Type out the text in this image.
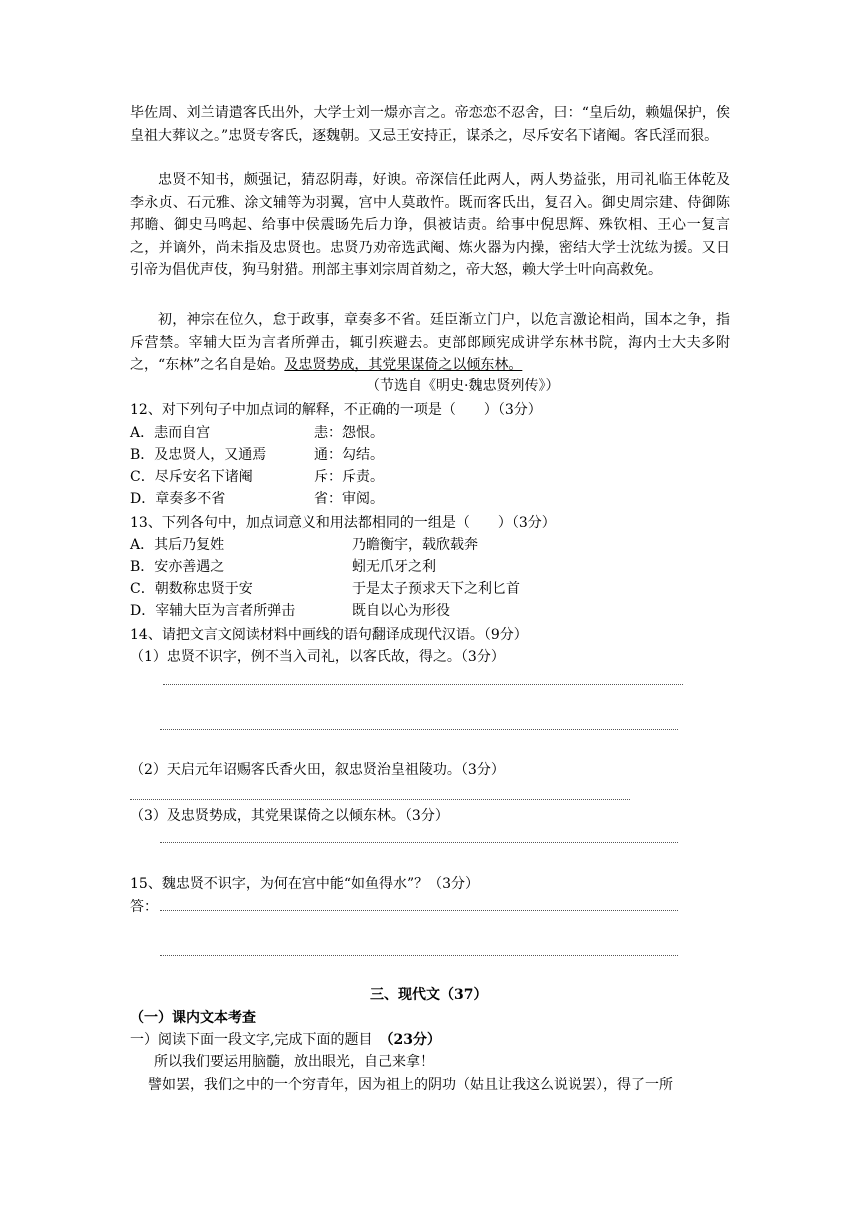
毕佐周、刘兰请遣客氏出外，大学士刘一燝亦言之。帝恋恋不忍舍，曰：“皇后幼，赖媪保护，俟皇祖大葬议之。”忠贤专客氏，逐魏朝。又忌王安持正，谋杀之，尽斥安名下诸阉。客氏淫而狠。
忠贤不知书，颇强记，猜忍阴毒，好谀。帝深信任此两人，两人势益张，用司礼临王体乾及李永贞、石元雅、涂文辅等为羽翼，宫中人莫敢忤。既而客氏出，复召入。御史周宗建、侍御陈邦瞻、御史马鸣起、给事中侯震旸先后力诤，俱被诘责。给事中倪思辉、殊钦相、王心一复言之，并谪外，尚未指及忠贤也。忠贤乃劝帝选武阉、炼火器为内操，密结大学士沈纮为援。又日引帝为倡优声伎，狗马射猎。刑部主事刘宗周首劾之，帝大怒，赖大学士叶向高救免。
初，神宗在位久，怠于政事，章奏多不省。廷臣渐立门户，以危言激论相尚，国本之争，指斥营禁。宰辅大臣为言者所弹击，辄引疾避去。吏部郎顾宪成讲学东林书院，海内士大夫多附之，“东林”之名自是始。及忠贤势成，其党果谋倚之以倾东林。
（节选自《明史·魏忠贤列传》）
12、对下列句子中加点词的解释，不正确的一项是（　　）（3分）
A．恚而自宫	恚：怨恨。
B．及忠贤人，又通焉	通：勾结。
C．尽斥安名下诸阉	斥：斥责。
D．章奏多不省	省：审阅。
13、下列各句中，加点词意义和用法都相同的一组是（　　）（3分）
A．其后乃复姓	乃瞻衡宇，载欣载奔
B．安亦善遇之	蚓无爪牙之利
C．朝数称忠贤于安	于是太子预求天下之利匕首
D．宰辅大臣为言者所弹击	既自以心为形役
14、请把文言文阅读材料中画线的语句翻译成现代汉语。（9分）
（1）忠贤不识字，例不当入司礼，以客氏故，得之。（3分）
（2）天启元年诏赐客氏香火田，叙忠贤治皇祖陵功。（3分）
（3）及忠贤势成，其党果谋倚之以倾东林。（3分）
15、魏忠贤不识字，为何在宫中能“如鱼得水”？（3分）
答：
三、现代文（37）
（一）课内文本考查
一）阅读下面一段文字,完成下面的题目　（23分）
所以我们要运用脑髓，放出眼光，自己来拿！
譬如罢，我们之中的一个穷青年，因为祖上的阴功（姑且让我这么说说罢），得了一所
